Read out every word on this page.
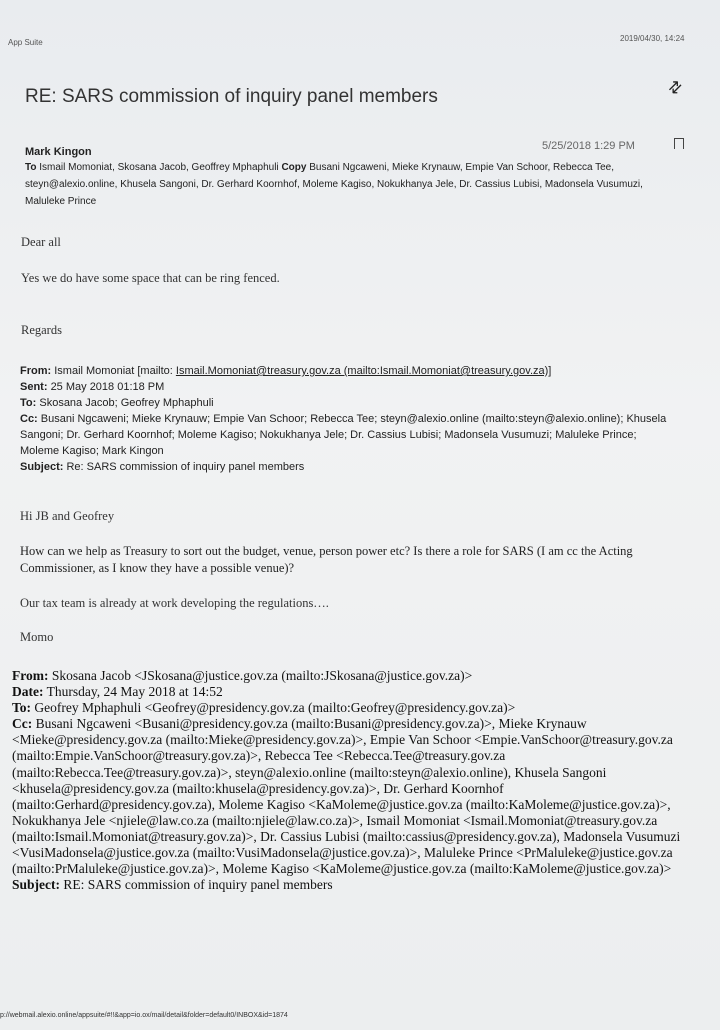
App Suite	2019/04/30, 14:24
RE: SARS commission of inquiry panel members	⇅
Mark Kingon	5/25/2018 1:29 PM
To Ismail Momoniat, Skosana Jacob, Geoffrey Mphaphuli Copy Busani Ngcaweni, Mieke Krynauw, Empie Van Schoor, Rebecca Tee, steyn@alexio.online, Khusela Sangoni, Dr. Gerhard Koornhof, Moleme Kagiso, Nokukhanya Jele, Dr. Cassius Lubisi, Madonsela Vusumuzi, Maluleke Prince
Dear all
Yes we do have some space that can be ring fenced.
Regards
From: Ismail Momoniat [mailto: Ismail.Momoniat@treasury.gov.za (mailto:Ismail.Momoniat@treasury.gov.za)]
Sent: 25 May 2018 01:18 PM
To: Skosana Jacob; Geofrey Mphaphuli
Cc: Busani Ngcaweni; Mieke Krynauw; Empie Van Schoor; Rebecca Tee; steyn@alexio.online (mailto:steyn@alexio.online); Khusela Sangoni; Dr. Gerhard Koornhof; Moleme Kagiso; Nokukhanya Jele; Dr. Cassius Lubisi; Madonsela Vusumuzi; Maluleke Prince; Moleme Kagiso; Mark Kingon
Subject: Re: SARS commission of inquiry panel members
Hi JB and Geofrey
How can we help as Treasury to sort out the budget, venue, person power etc? Is there a role for SARS (I am cc the Acting Commissioner, as I know they have a possible venue)?
Our tax team is already at work developing the regulations….
Momo
From: Skosana Jacob <JSkosana@justice.gov.za (mailto:JSkosana@justice.gov.za)>
Date: Thursday, 24 May 2018 at 14:52
To: Geofrey Mphaphuli <Geofrey@presidency.gov.za (mailto:Geofrey@presidency.gov.za)>
Cc: Busani Ngcaweni <Busani@presidency.gov.za (mailto:Busani@presidency.gov.za)>, Mieke Krynauw <Mieke@presidency.gov.za (mailto:Mieke@presidency.gov.za)>, Empie Van Schoor <Empie.VanSchoor@treasury.gov.za (mailto:Empie.VanSchoor@treasury.gov.za)>, Rebecca Tee <Rebecca.Tee@treasury.gov.za (mailto:Rebecca.Tee@treasury.gov.za)>, steyn@alexio.online (mailto:steyn@alexio.online), Khusela Sangoni <khusela@presidency.gov.za (mailto:khusela@presidency.gov.za)>, Dr. Gerhard Koornhof (mailto:Gerhard@presidency.gov.za), Moleme Kagiso <KaMoleme@justice.gov.za (mailto:KaMoleme@justice.gov.za)>, Nokukhanya Jele <njiele@law.co.za (mailto:njiele@law.co.za)>, Ismail Momoniat <Ismail.Momoniat@treasury.gov.za (mailto:Ismail.Momoniat@treasury.gov.za)>, Dr. Cassius Lubisi (mailto:cassius@presidency.gov.za), Madonsela Vusumuzi <VusiMadonsela@justice.gov.za (mailto:VusiMadonsela@justice.gov.za)>, Maluleke Prince <PrMaluleke@justice.gov.za (mailto:PrMaluleke@justice.gov.za)>, Moleme Kagiso <KaMoleme@justice.gov.za (mailto:KaMoleme@justice.gov.za)>
Subject: RE: SARS commission of inquiry panel members
p://webmail.alexio.online/appsuite/#!!&app=io.ox/mail/detail&folder=default0/INBOX&id=1874
